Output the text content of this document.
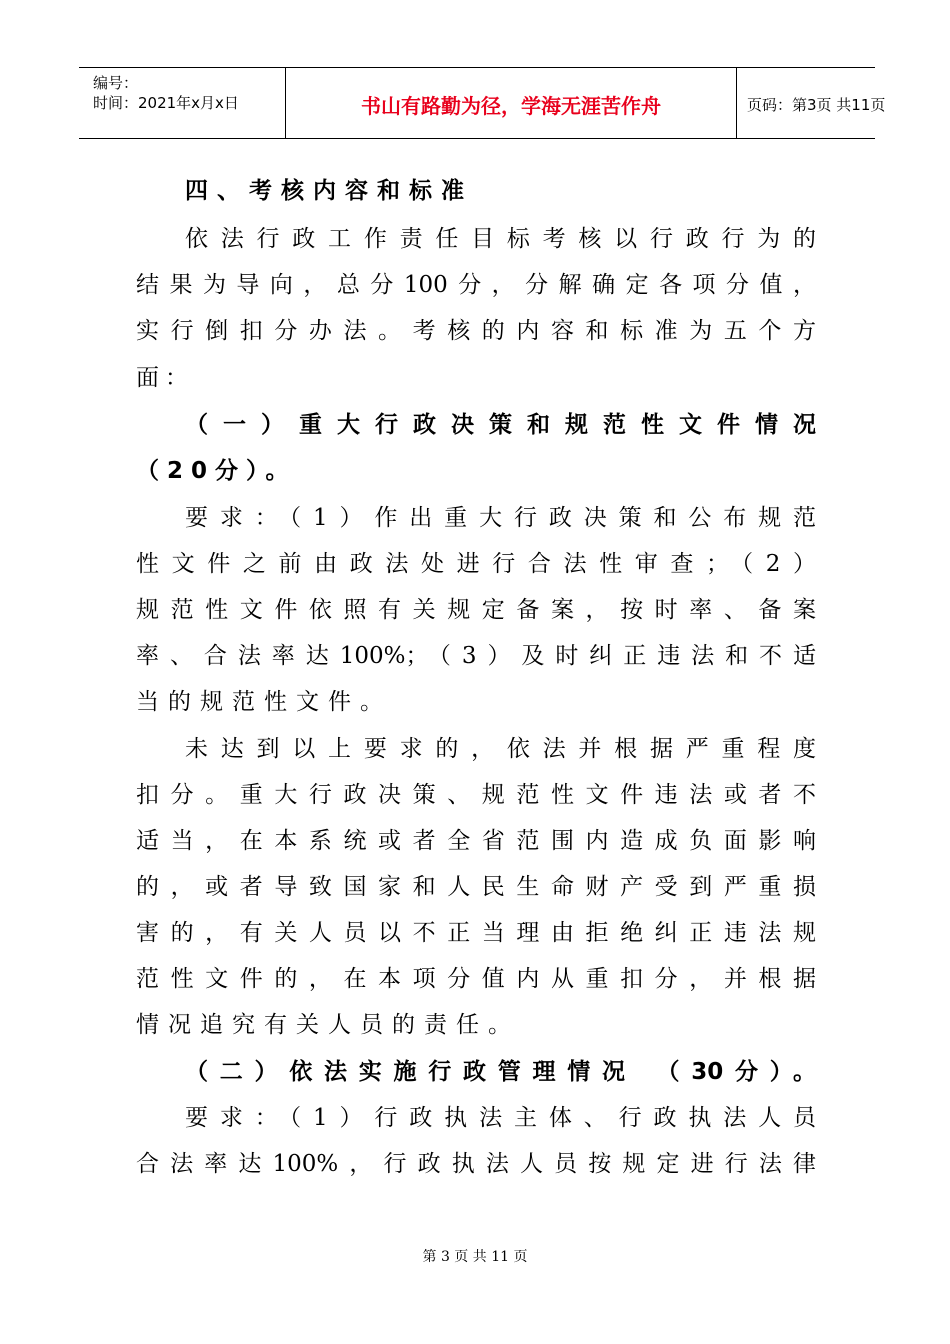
编号：
时间：2021年x月x日	书山有路勤为径，学海无涯苦作舟	页码：第3页 共11页
四、考核内容和标准
依法行政工作责任目标考核以行政行为的
结果为导向，总分100分，分解确定各项分值，
实行倒扣分办法。考核的内容和标准为五个方
面：
（一）重大行政决策和规范性文件情况
（20分）。
要求：（1）作出重大行政决策和公布规范
性文件之前由政法处进行合法性审查；（2）
规范性文件依照有关规定备案，按时率、备案
率、合法率达100%；（3）及时纠正违法和不适
当的规范性文件。
未达到以上要求的，依法并根据严重程度
扣分。重大行政决策、规范性文件违法或者不
适当，在本系统或者全省范围内造成负面影响
的，或者导致国家和人民生命财产受到严重损
害的，有关人员以不正当理由拒绝纠正违法规
范性文件的，在本项分值内从重扣分，并根据
情况追究有关人员的责任。
（二）依法实施行政管理情况 （30分）。
要求：（1）行政执法主体、行政执法人员
合法率达100%，行政执法人员按规定进行法律
第 3 页 共 11 页
